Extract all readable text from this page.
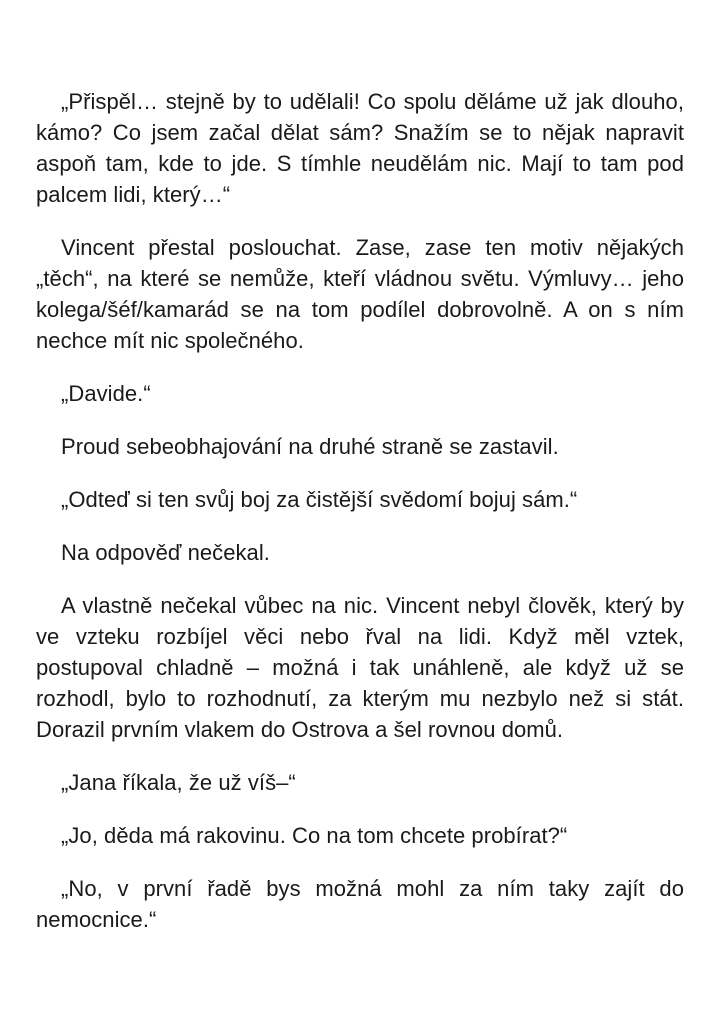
„Přispěl… stejně by to udělali! Co spolu děláme už jak dlouho, kámo? Co jsem začal dělat sám? Snažím se to nějak napravit aspoň tam, kde to jde. S tímhle neudělám nic. Mají to tam pod palcem lidi, který…“

Vincent přestal poslouchat. Zase, zase ten motiv nějakých „těch“, na které se nemůže, kteří vládnou světu. Výmluvy… jeho kolega/šéf/kamarád se na tom podílel dobrovolně. A on s ním nechce mít nic společného.

„Davide.“

Proud sebeobhajování na druhé straně se zastavil.

„Odteď si ten svůj boj za čistější svědomí bojuj sám.“

Na odpověď nečekal.

A vlastně nečekal vůbec na nic. Vincent nebyl člověk, který by ve vzteku rozbíjel věci nebo řval na lidi. Když měl vztek, postupoval chladně – možná i tak unáhleně, ale když už se rozhodl, bylo to rozhodnutí, za kterým mu nezbylo než si stát. Dorazil prvním vlakem do Ostrova a šel rovnou domů.

„Jana říkala, že už víš–“

„Jo, děda má rakovinu. Co na tom chcete probírat?“

„No, v první řadě bys možná mohl za ním taky zajít do nemocnice.“
